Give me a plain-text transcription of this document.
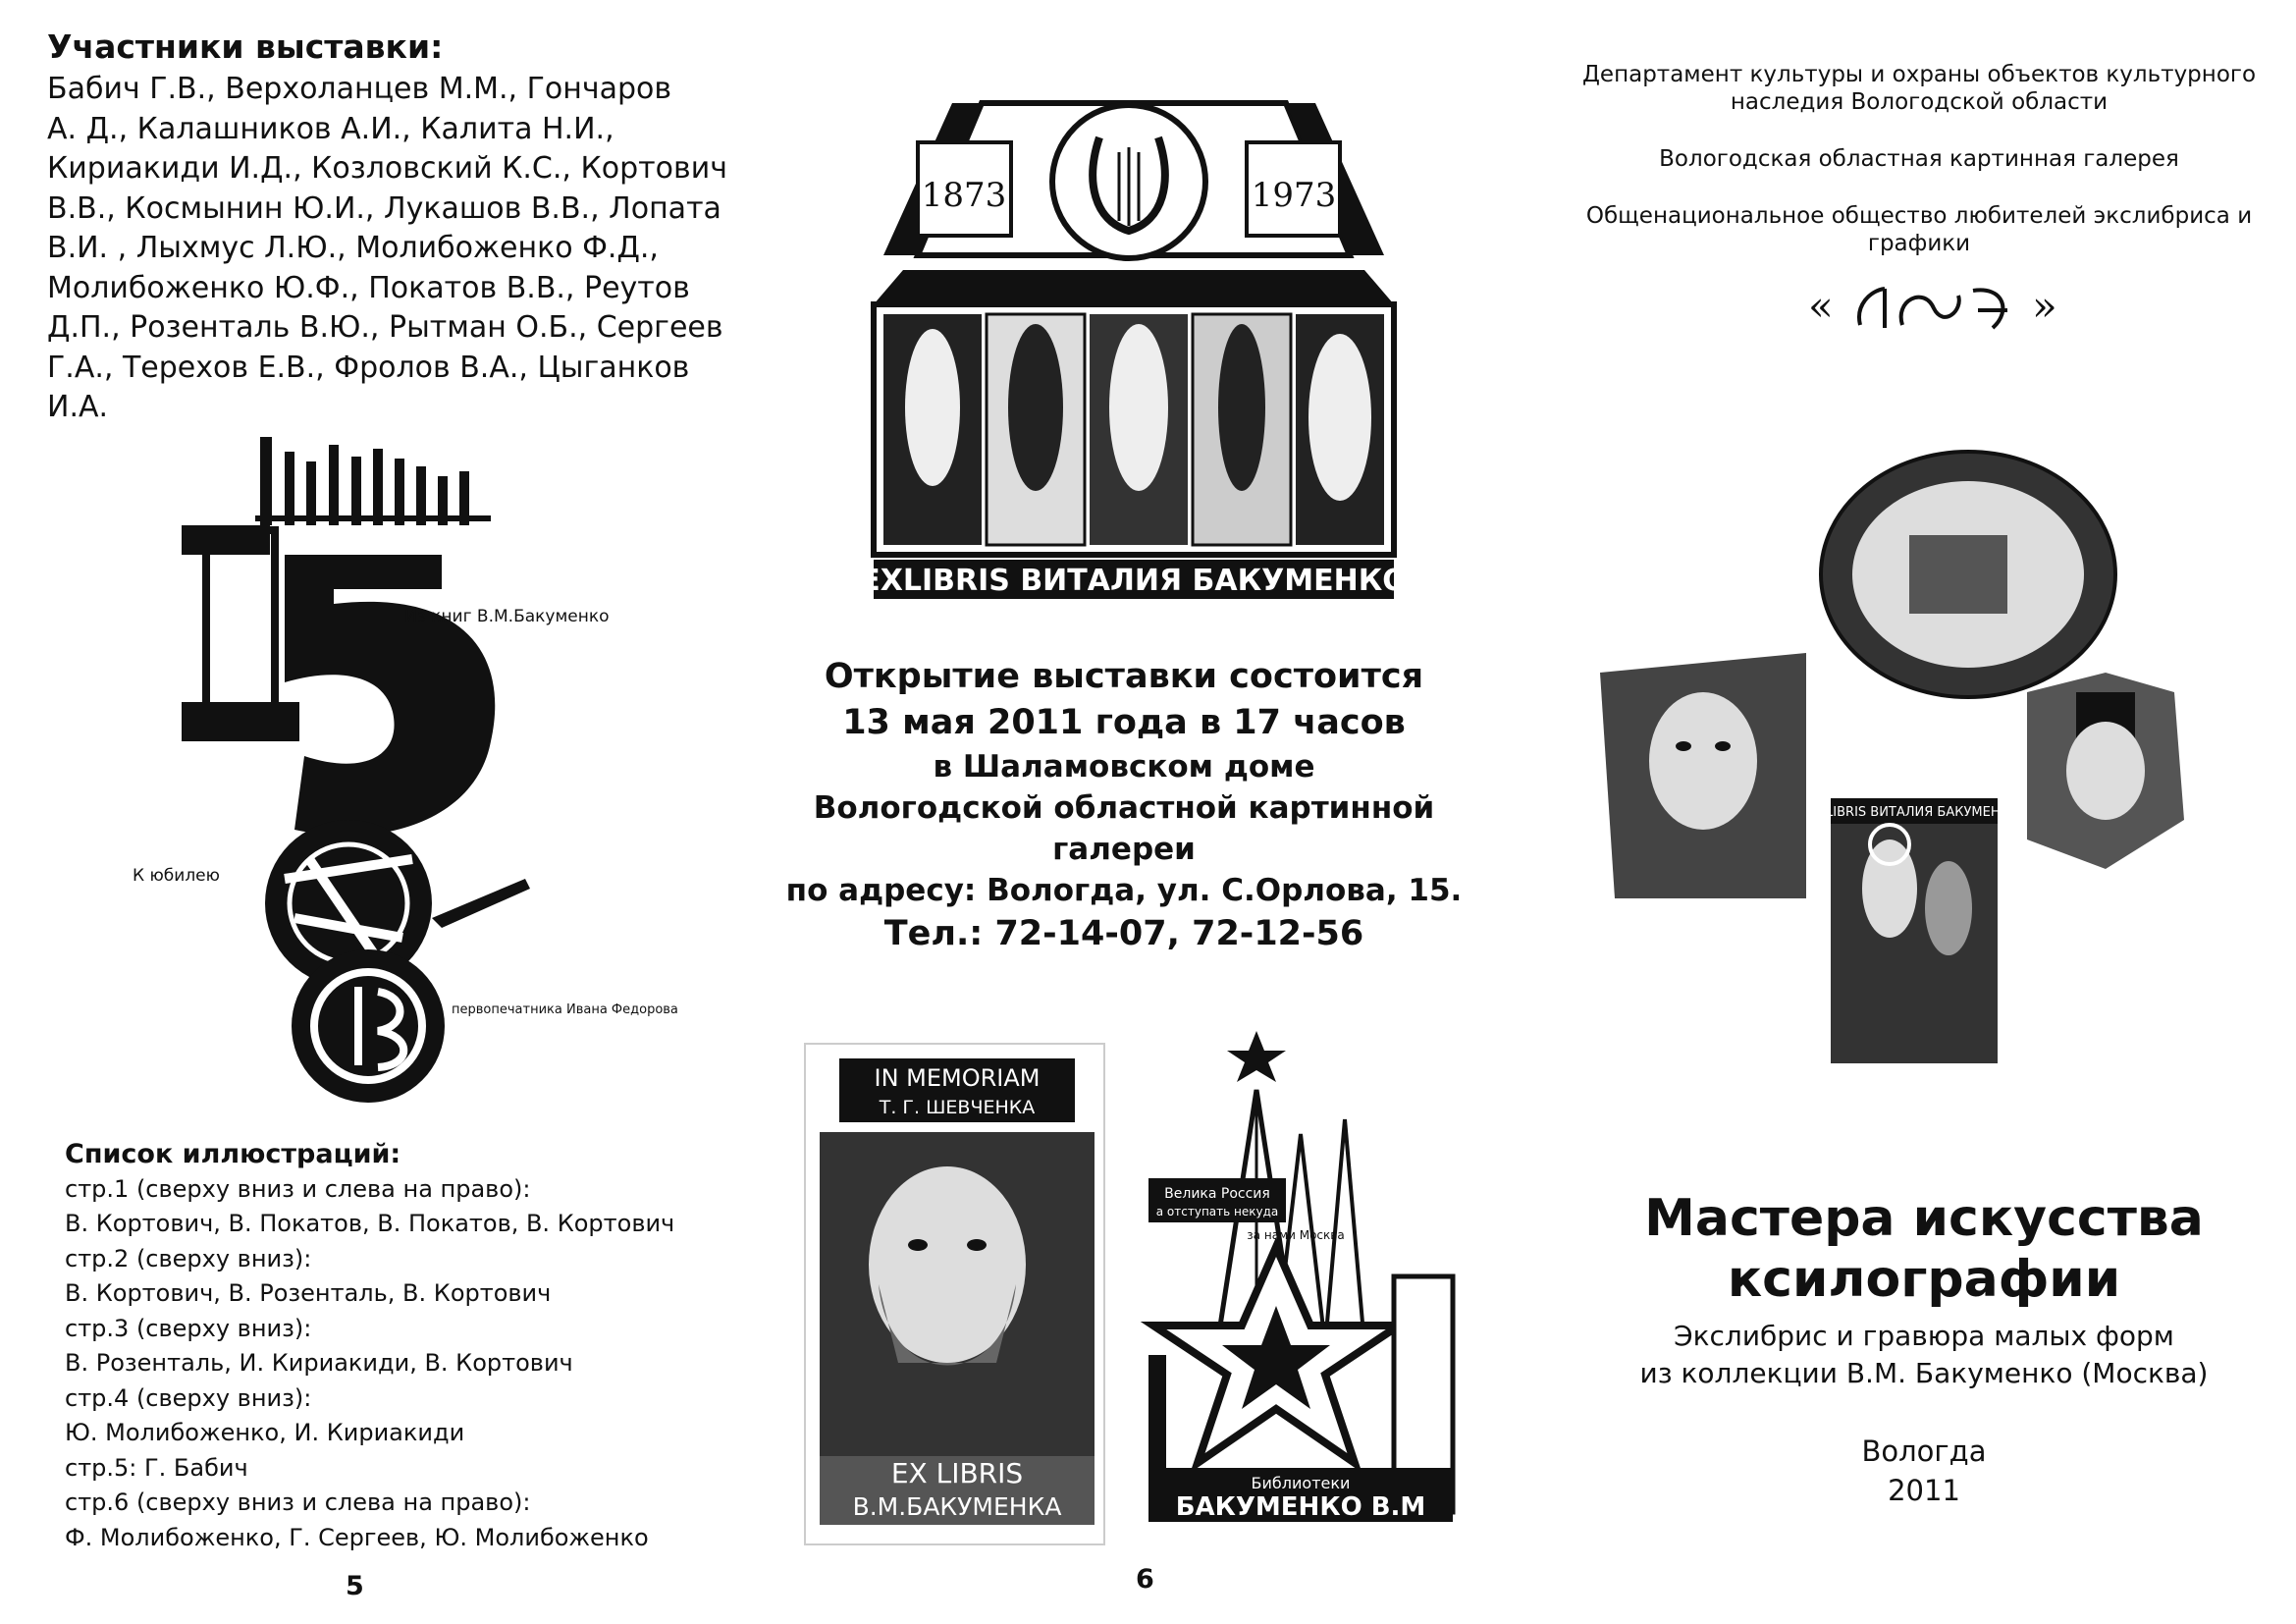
Участники выставки:
Бабич Г.В., Верхоланцев М.М., Гончаров
А. Д., Калашников А.И., Калита Н.И.,
Кириакиди И.Д., Козловский К.С., Кортович
В.В., Космынин Ю.И., Лукашов В.В., Лопата
В.И. , Лыхмус Л.Ю., Молибоженко Ф.Д.,
Молибоженко Ю.Ф., Покатов В.В., Реутов
Д.П., Розенталь В.Ю., Рытман О.Б., Сергеев
Г.А., Терехов Е.В., Фролов В.А., Цыганков И.А.
Из книг В.М.Бакуменко
К юбилею
первопечатника Ивана Федорова
Список иллюстраций:
стр.1 (сверху вниз и слева на право):
В. Кортович, В. Покатов, В. Покатов, В. Кортович
стр.2 (сверху вниз):
В. Кортович, В. Розенталь, В. Кортович
стр.3 (сверху вниз):
В. Розенталь, И. Кириакиди, В. Кортович
стр.4 (сверху вниз):
Ю. Молибоженко, И. Кириакиди
стр.5: Г. Бабич
стр.6 (сверху вниз и слева на право):
Ф. Молибоженко, Г. Сергеев, Ю. Молибоженко
5	6
1873	1973
EXLIBRIS ВИТАЛИЯ БАКУМЕНКО
Открытие выставки состоится
13 мая 2011 года в 17 часов
в Шаламовском доме
Вологодской областной картинной
галереи
по адресу: Вологда, ул. С.Орлова, 15.
Тел.: 72-14-07, 72-12-56
IN MEMORIAM
Т. Г. ШЕВЧЕНКА
EX LIBRIS
В.М.БАКУМЕНКА
Велика Россия
а отступать некуда
за нами Москва
Библиотеки
БАКУМЕНКО В.М

Департамент культуры и охраны объектов культурного наследия Вологодской области

Вологодская областная картинная галерея

Общенациональное общество любителей экслибриса и графики

«	»
EXLIBRIS ВИТАЛИЯ БАКУМЕНКО
Мастера искусства
ксилографии
Экслибрис и гравюра малых форм
из коллекции В.М. Бакуменко (Москва)
Вологда
2011
